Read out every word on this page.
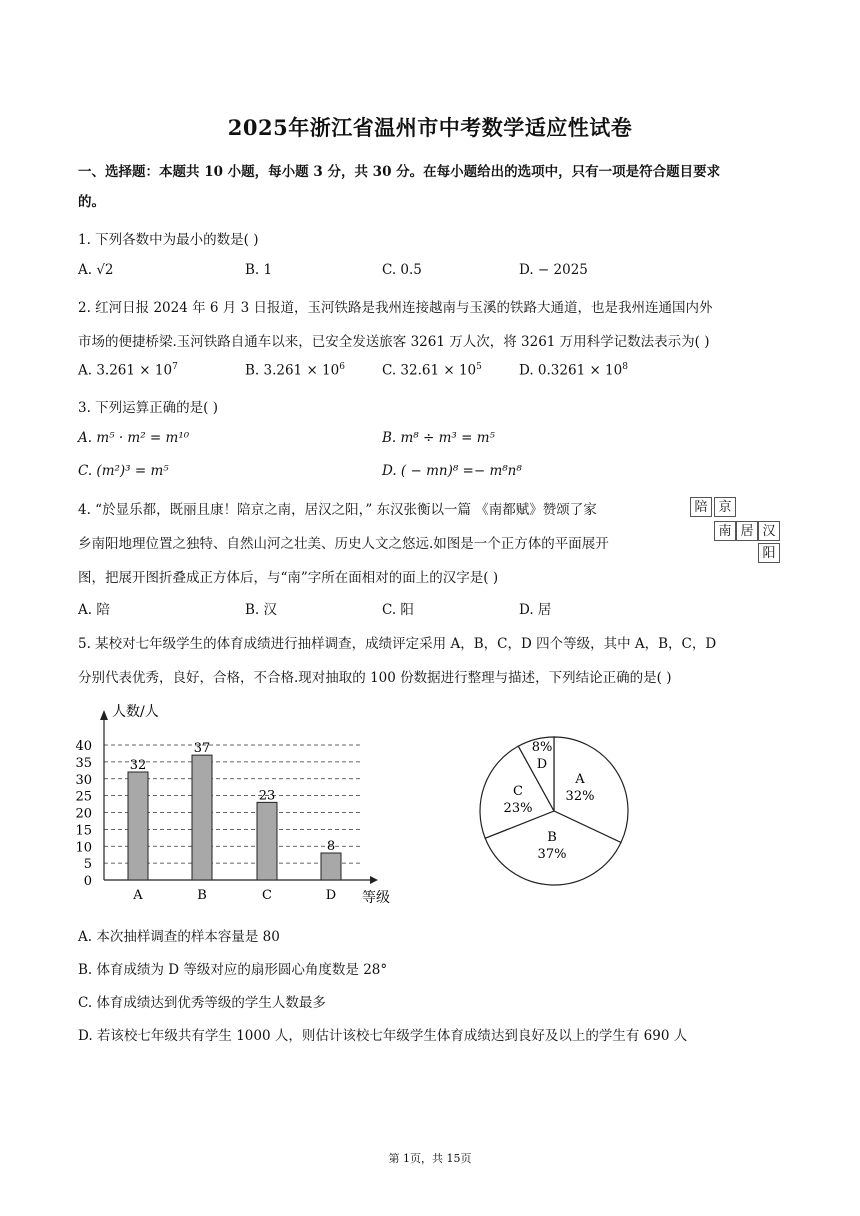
2025年浙江省温州市中考数学适应性试卷
一、选择题：本题共 10 小题，每小题 3 分，共 30 分。在每小题给出的选项中，只有一项是符合题目要求
的。
1. 下列各数中为最小的数是( )
A. √2	B. 1	C. 0.5	D. − 2025
2. 红河日报 2024 年 6 月 3 日报道，玉河铁路是我州连接越南与玉溪的铁路大通道，也是我州连通国内外
市场的便捷桥梁.玉河铁路自通车以来，已安全发送旅客 3261 万人次，将 3261 万用科学记数法表示为( )
A. $3.261 \times 10^7$	B. $3.261 \times 10^6$	C. $32.61 \times 10^5$	D. $0.3261 \times 10^8$
3. 下列运算正确的是( )
A. m⁵ · m² = m¹⁰	B. m⁸ ÷ m³ = m⁵
C. (m²)³ = m⁵	D. ( − mn)⁸ =− m⁸n⁸
4. “於显乐都，既丽且康！陪京之南，居汉之阳，” 东汉张衡以一篇 《南都赋》赞颂了家
乡南阳地理位置之独特、自然山河之壮美、历史人文之悠远.如图是一个正方体的平面展开
图，把展开图折叠成正方体后，与“南”字所在面相对的面上的汉字是( )
陪 京
南 居 汉
阳
A. 陪	B. 汉	C. 阳	D. 居
5. 某校对七年级学生的体育成绩进行抽样调查，成绩评定采用 A，B，C，D 四个等级，其中 A，B，C，D
分别代表优秀，良好，合格，不合格.现对抽取的 100 份数据进行整理与描述，下列结论正确的是( )
人数/人
等级
0
5
10
15
20
25
30
35
40
32
A
37
B
23
C
8
D
A
32%
B
37%
C
23%
8%
D
A. 本次抽样调查的样本容量是 80
B. 体育成绩为 D 等级对应的扇形圆心角度数是 28°
C. 体育成绩达到优秀等级的学生人数最多
D. 若该校七年级共有学生 1000 人，则估计该校七年级学生体育成绩达到良好及以上的学生有 690 人
第 1页，共 15页
